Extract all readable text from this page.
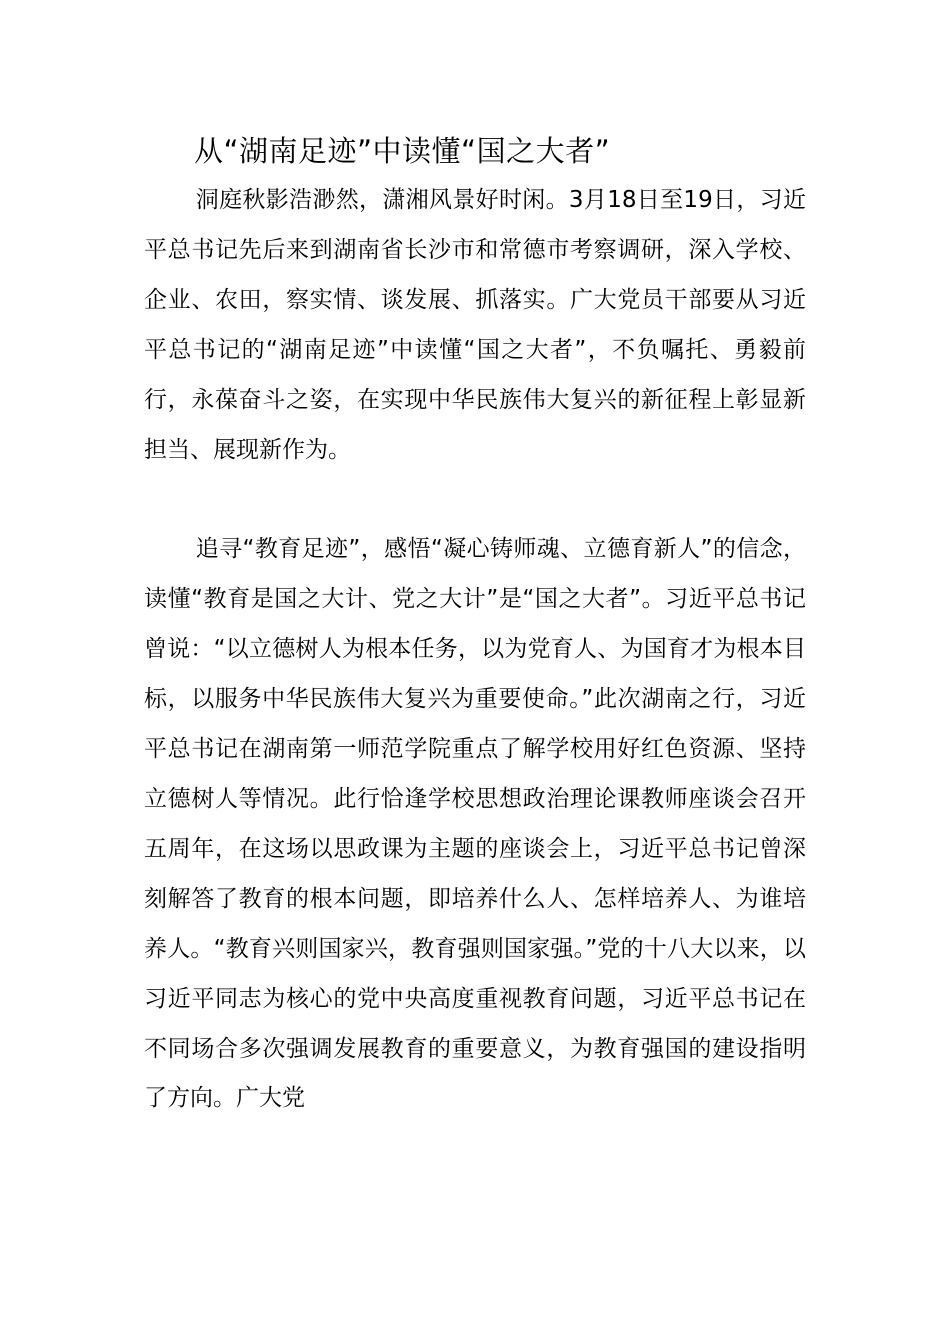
从“湖南足迹”中读懂“国之大者”

洞庭秋影浩渺然，潇湘风景好时闲。3月18日至19日，习近平总书记先后来到湖南省长沙市和常德市考察调研，深入学校、企业、农田，察实情、谈发展、抓落实。广大党员干部要从习近平总书记的“湖南足迹”中读懂“国之大者”，不负嘱托、勇毅前行，永葆奋斗之姿，在实现中华民族伟大复兴的新征程上彰显新担当、展现新作为。

追寻“教育足迹”，感悟“凝心铸师魂、立德育新人”的信念，读懂“教育是国之大计、党之大计”是“国之大者”。习近平总书记曾说：“以立德树人为根本任务，以为党育人、为国育才为根本目标，以服务中华民族伟大复兴为重要使命。”此次湖南之行，习近平总书记在湖南第一师范学院重点了解学校用好红色资源、坚持立德树人等情况。此行恰逢学校思想政治理论课教师座谈会召开五周年，在这场以思政课为主题的座谈会上，习近平总书记曾深刻解答了教育的根本问题，即培养什么人、怎样培养人、为谁培养人。“教育兴则国家兴，教育强则国家强。”党的十八大以来，以习近平同志为核心的党中央高度重视教育问题，习近平总书记在不同场合多次强调发展教育的重要意义，为教育强国的建设指明了方向。广大党
